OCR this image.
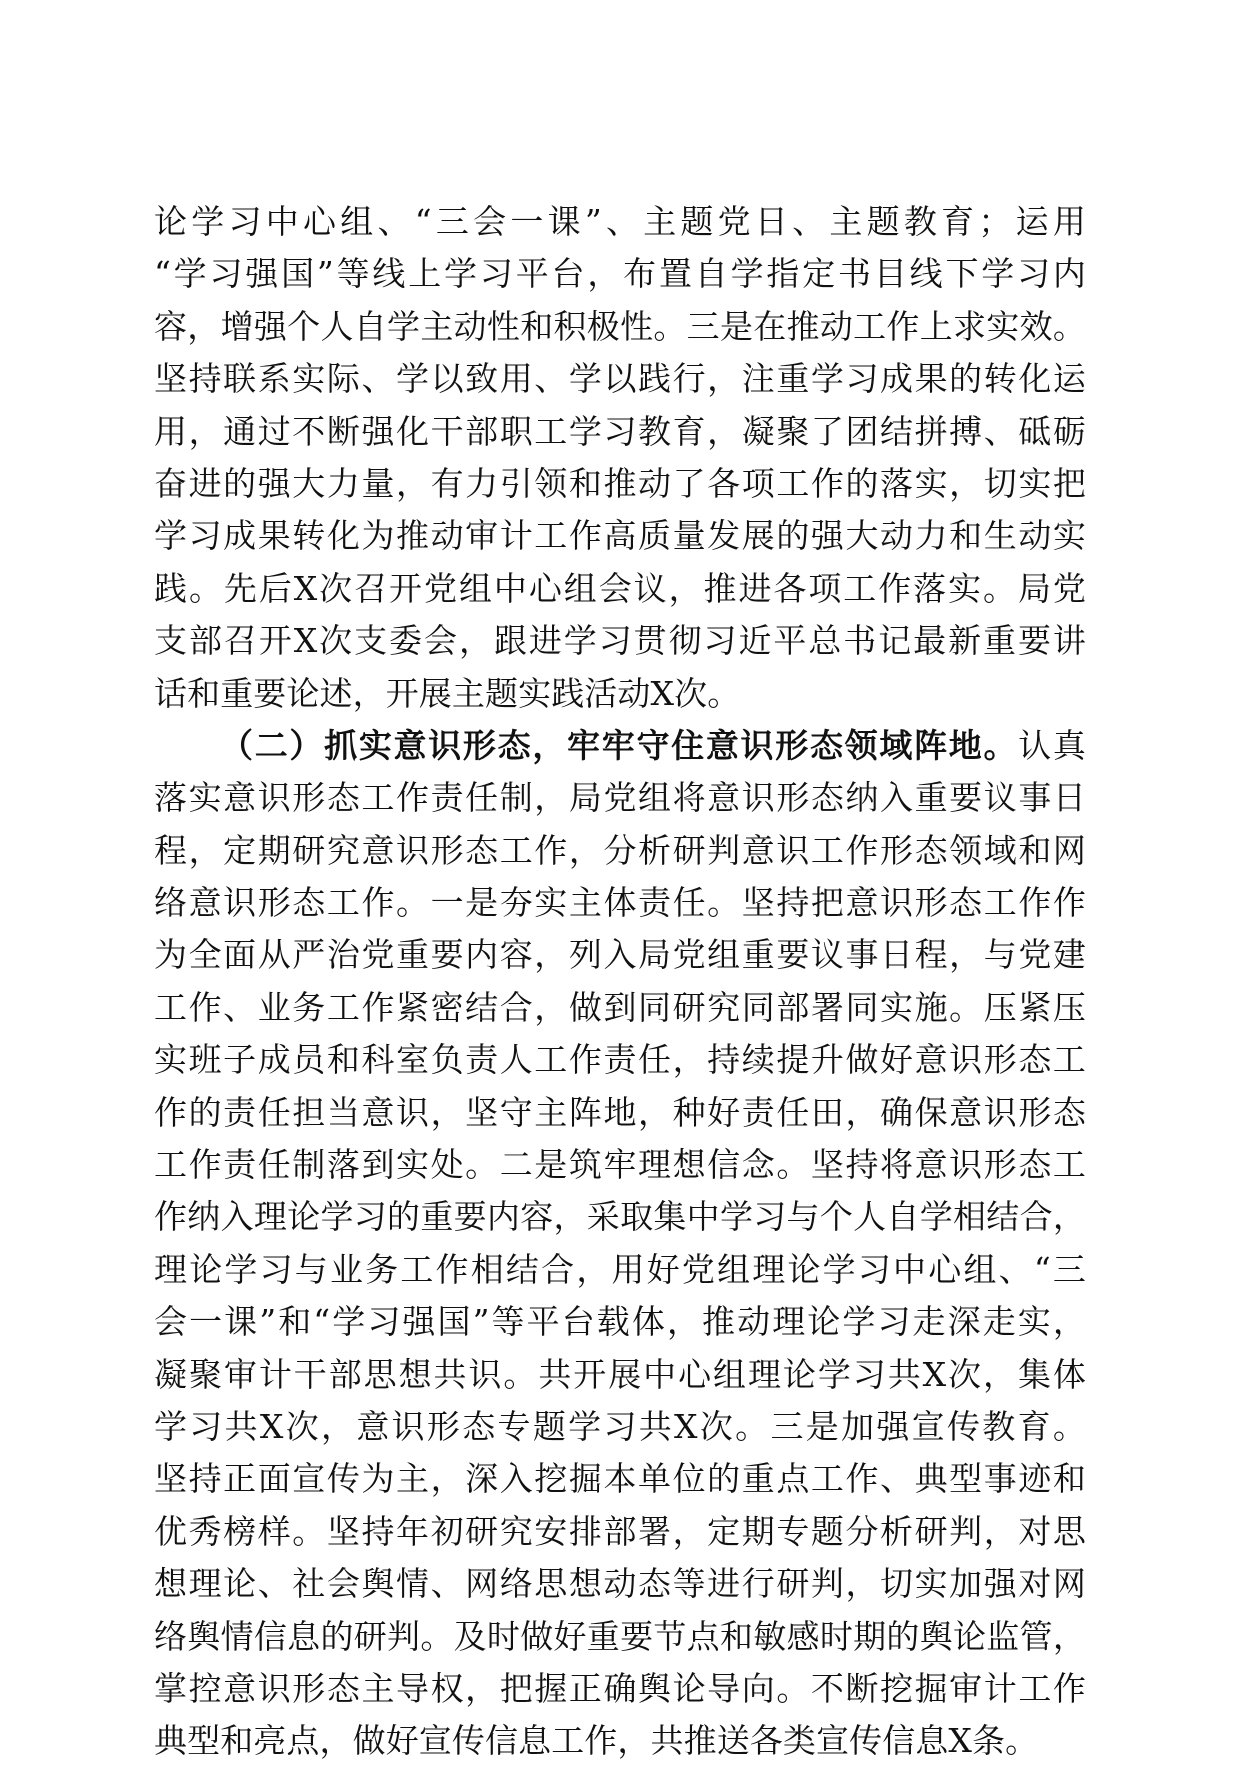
论学习中心组、“三会一课”、主题党日、主题教育；运用
“学习强国”等线上学习平台，布置自学指定书目线下学习内
容，增强个人自学主动性和积极性。三是在推动工作上求实效。
坚持联系实际、学以致用、学以践行，注重学习成果的转化运
用，通过不断强化干部职工学习教育，凝聚了团结拼搏、砥砺
奋进的强大力量，有力引领和推动了各项工作的落实，切实把
学习成果转化为推动审计工作高质量发展的强大动力和生动实
践。先后X次召开党组中心组会议，推进各项工作落实。局党
支部召开X次支委会，跟进学习贯彻习近平总书记最新重要讲
话和重要论述，开展主题实践活动X次。
（二）抓实意识形态，牢牢守住意识形态领域阵地。认真
落实意识形态工作责任制，局党组将意识形态纳入重要议事日
程，定期研究意识形态工作，分析研判意识工作形态领域和网
络意识形态工作。一是夯实主体责任。坚持把意识形态工作作
为全面从严治党重要内容，列入局党组重要议事日程，与党建
工作、业务工作紧密结合，做到同研究同部署同实施。压紧压
实班子成员和科室负责人工作责任，持续提升做好意识形态工
作的责任担当意识，坚守主阵地，种好责任田，确保意识形态
工作责任制落到实处。二是筑牢理想信念。坚持将意识形态工
作纳入理论学习的重要内容，采取集中学习与个人自学相结合，
理论学习与业务工作相结合，用好党组理论学习中心组、“三
会一课”和“学习强国”等平台载体，推动理论学习走深走实，
凝聚审计干部思想共识。共开展中心组理论学习共X次，集体
学习共X次，意识形态专题学习共X次。三是加强宣传教育。
坚持正面宣传为主，深入挖掘本单位的重点工作、典型事迹和
优秀榜样。坚持年初研究安排部署，定期专题分析研判，对思
想理论、社会舆情、网络思想动态等进行研判，切实加强对网
络舆情信息的研判。及时做好重要节点和敏感时期的舆论监管，
掌控意识形态主导权，把握正确舆论导向。不断挖掘审计工作
典型和亮点，做好宣传信息工作，共推送各类宣传信息X条。
